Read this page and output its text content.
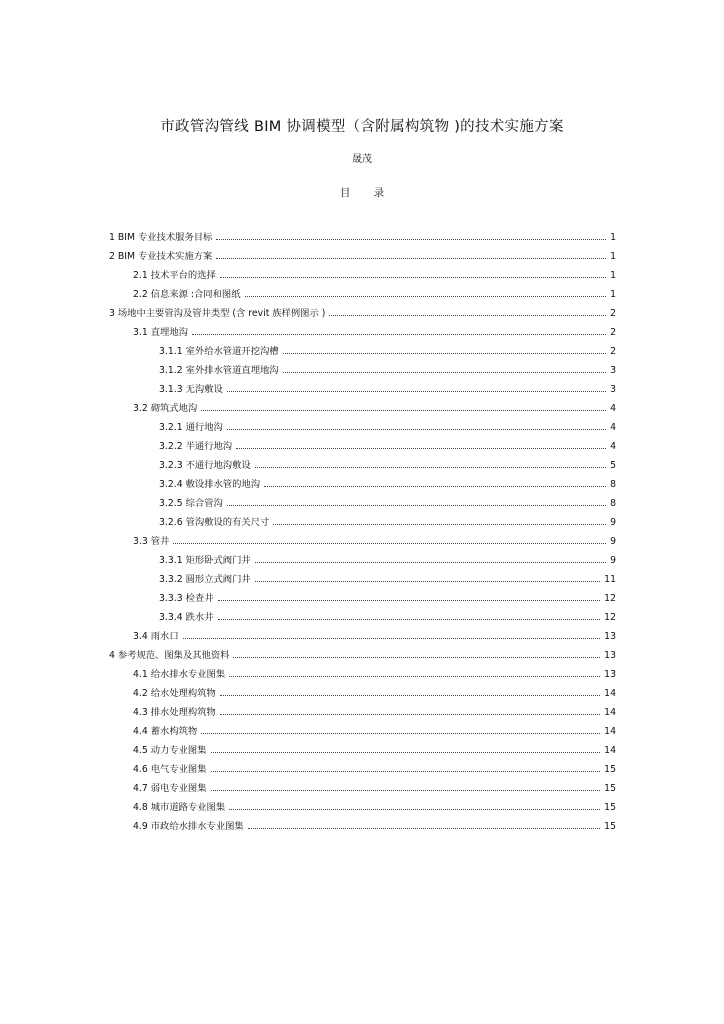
市政管沟管线 BIM 协调模型（含附属构筑物 )的技术实施方案
晟茂
目 录
1 BIM 专业技术服务目标	1
2 BIM 专业技术实施方案	1
2.1 技术平台的选择	1
2.2 信息来源 :合同和图纸	1
3 场地中主要管沟及管井类型 (含 revit 族样例图示 )	2
3.1 直埋地沟	2
3.1.1 室外给水管道开挖沟槽	2
3.1.2 室外排水管道直埋地沟	3
3.1.3 无沟敷设	3
3.2 砌筑式地沟	4
3.2.1 通行地沟	4
3.2.2 半通行地沟	4
3.2.3 不通行地沟敷设	5
3.2.4 敷设排水管的地沟	8
3.2.5 综合管沟	8
3.2.6 管沟敷设的有关尺寸	9
3.3 管井	9
3.3.1 矩形卧式阀门井	9
3.3.2 圆形立式阀门井	11
3.3.3 检查井	12
3.3.4 跌水井	12
3.4 雨水口	13
4 参考规范、图集及其他资料	13
4.1 给水排水专业图集	13
4.2 给水处理构筑物	14
4.3 排水处理构筑物	14
4.4 蓄水构筑物	14
4.5 动力专业图集	14
4.6 电气专业图集	15
4.7 弱电专业图集	15
4.8 城市道路专业图集	15
4.9 市政给水排水专业图集	15
